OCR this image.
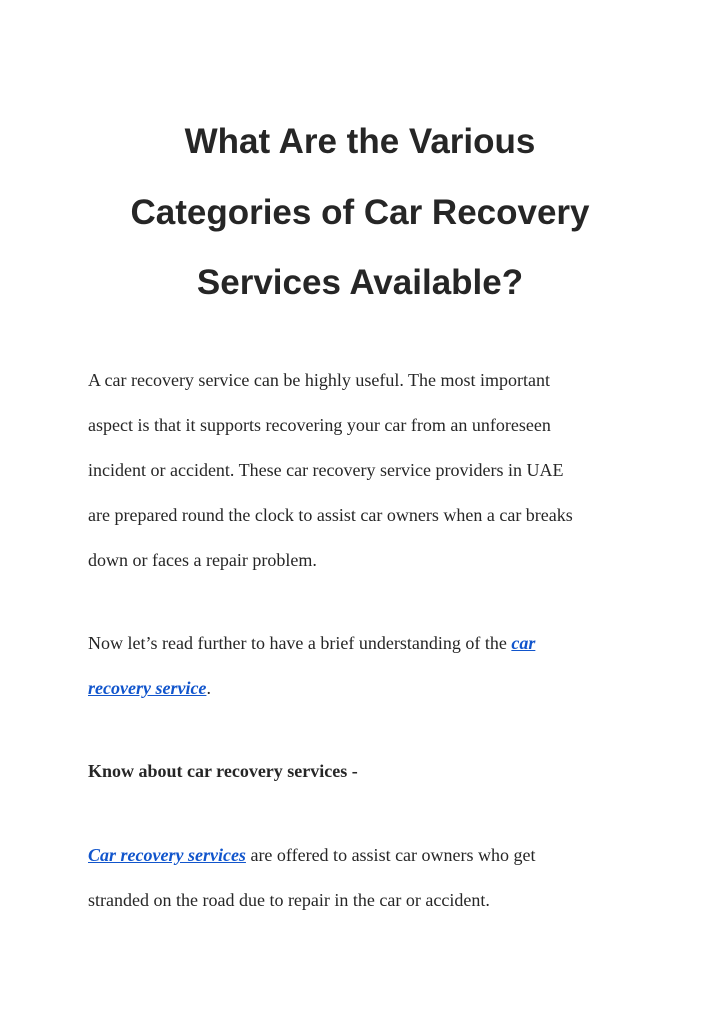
What Are the Various
Categories of Car Recovery
Services Available?

A car recovery service can be highly useful. The most important

aspect is that it supports recovering your car from an unforeseen

incident or accident. These car recovery service providers in UAE

are prepared round the clock to assist car owners when a car breaks

down or faces a repair problem.

Now let’s read further to have a brief understanding of the car

recovery service.

Know about car recovery services -

Car recovery services are offered to assist car owners who get

stranded on the road due to repair in the car or accident.
